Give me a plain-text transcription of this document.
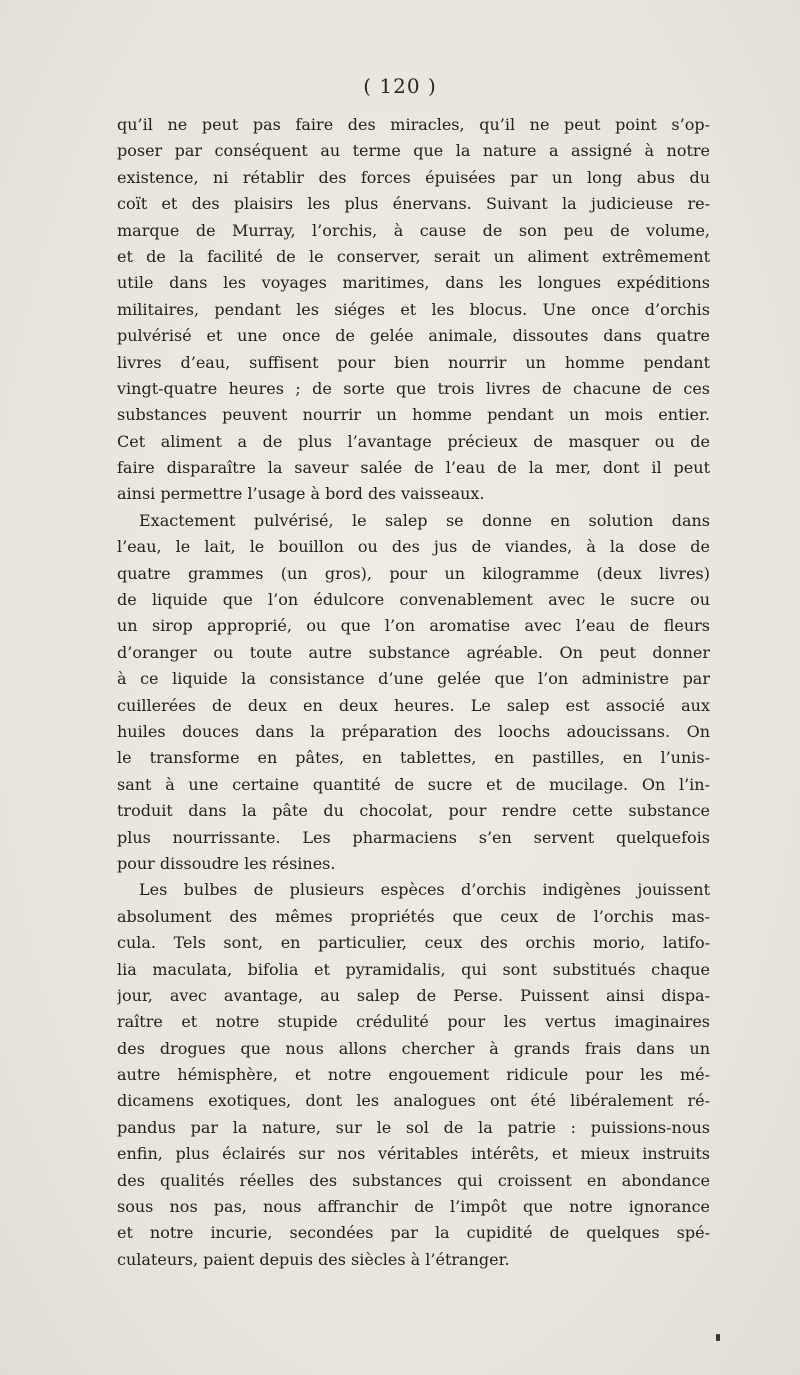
( 120 )
qu’il ne peut pas faire des miracles, qu’il ne peut point s’op-
poser par conséquent au terme que la nature a assigné à notre
existence, ni rétablir des forces épuisées par un long abus du
coït et des plaisirs les plus énervans. Suivant la judicieuse re-
marque de Murray, l’orchis, à cause de son peu de volume,
et de la facilité de le conserver, serait un aliment extrêmement
utile dans les voyages maritimes, dans les longues expéditions
militaires, pendant les siéges et les blocus. Une once d’orchis
pulvérisé et une once de gelée animale, dissoutes dans quatre
livres d’eau, suffisent pour bien nourrir un homme pendant
vingt-quatre heures ; de sorte que trois livres de chacune de ces
substances peuvent nourrir un homme pendant un mois entier.
Cet aliment a de plus l’avantage précieux de masquer ou de
faire disparaître la saveur salée de l’eau de la mer, dont il peut
ainsi permettre l’usage à bord des vaisseaux.
Exactement pulvérisé, le salep se donne en solution dans
l’eau, le lait, le bouillon ou des jus de viandes, à la dose de
quatre grammes (un gros), pour un kilogramme (deux livres)
de liquide que l’on édulcore convenablement avec le sucre ou
un sirop approprié, ou que l’on aromatise avec l’eau de fleurs
d’oranger ou toute autre substance agréable. On peut donner
à ce liquide la consistance d’une gelée que l’on administre par
cuillerées de deux en deux heures. Le salep est associé aux
huiles douces dans la préparation des loochs adoucissans. On
le transforme en pâtes, en tablettes, en pastilles, en l’unis-
sant à une certaine quantité de sucre et de mucilage. On l’in-
troduit dans la pâte du chocolat, pour rendre cette substance
plus nourrissante. Les pharmaciens s’en servent quelquefois
pour dissoudre les résines.
Les bulbes de plusieurs espèces d’orchis indigènes jouissent
absolument des mêmes propriétés que ceux de l’orchis mas-
cula. Tels sont, en particulier, ceux des orchis morio, latifo-
lia maculata, bifolia et pyramidalis, qui sont substitués chaque
jour, avec avantage, au salep de Perse. Puissent ainsi dispa-
raître et notre stupide crédulité pour les vertus imaginaires
des drogues que nous allons chercher à grands frais dans un
autre hémisphère, et notre engouement ridicule pour les mé-
dicamens exotiques, dont les analogues ont été libéralement ré-
pandus par la nature, sur le sol de la patrie : puissions-nous
enfin, plus éclairés sur nos véritables intérêts, et mieux instruits
des qualités réelles des substances qui croissent en abondance
sous nos pas, nous affranchir de l’impôt que notre ignorance
et notre incurie, secondées par la cupidité de quelques spé-
culateurs, paient depuis des siècles à l’étranger.
